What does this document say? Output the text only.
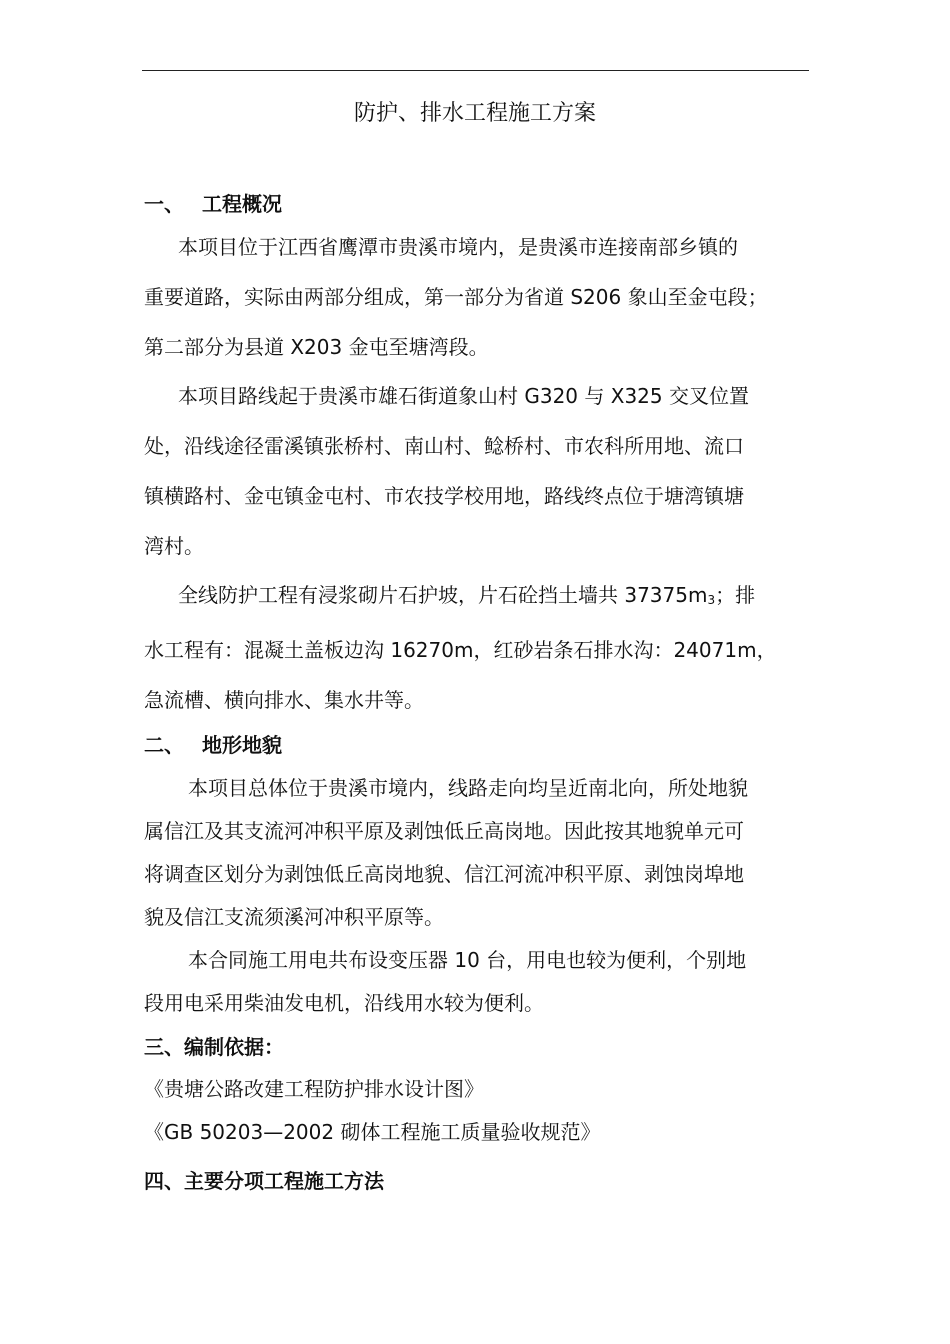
防护、排水工程施工方案
一、 工程概况
本项目位于江西省鹰潭市贵溪市境内，是贵溪市连接南部乡镇的
重要道路，实际由两部分组成，第一部分为省道 S206 象山至金屯段；
第二部分为县道 X203 金屯至塘湾段。
本项目路线起于贵溪市雄石街道象山村 G320 与 X325 交叉位置
处，沿线途径雷溪镇张桥村、南山村、鲶桥村、市农科所用地、流口
镇横路村、金屯镇金屯村、市农技学校用地，路线终点位于塘湾镇塘
湾村。
全线防护工程有浸浆砌片石护坡，片石砼挡土墙共 $37375m_3$；排
水工程有：混凝土盖板边沟 16270m，红砂岩条石排水沟：24071m，
急流槽、横向排水、集水井等。
二、 地形地貌
本项目总体位于贵溪市境内，线路走向均呈近南北向，所处地貌
属信江及其支流河冲积平原及剥蚀低丘高岗地。因此按其地貌单元可
将调查区划分为剥蚀低丘高岗地貌、信江河流冲积平原、剥蚀岗埠地
貌及信江支流须溪河冲积平原等。
本合同施工用电共布设变压器 10 台，用电也较为便利，个别地
段用电采用柴油发电机，沿线用水较为便利。
三、编制依据：
《贵塘公路改建工程防护排水设计图》
《GB 50203—2002 砌体工程施工质量验收规范》
四、主要分项工程施工方法
